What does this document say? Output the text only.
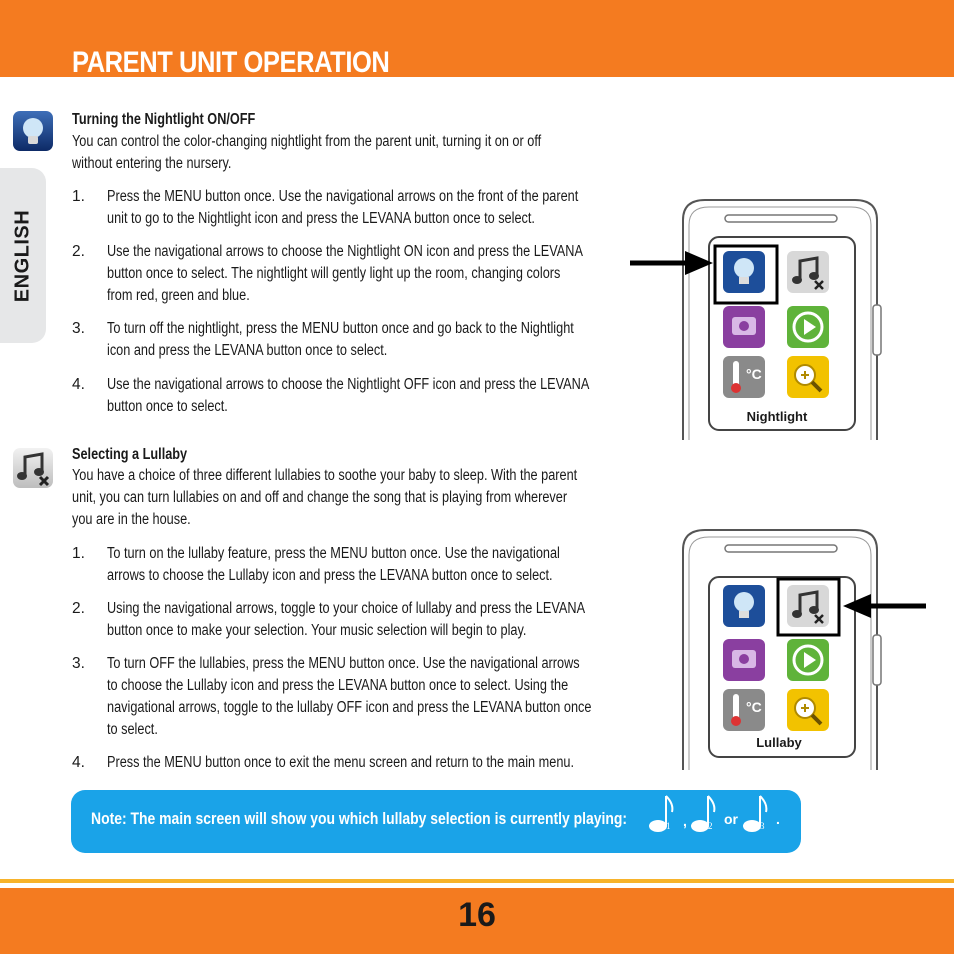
PARENT UNIT OPERATION
ENGLISH
Turning the Nightlight ON/OFF
You can control the color-changing nightlight from the parent unit, turning it on or off
without entering the nursery.
1. Press the MENU button once. Use the navigational arrows on the front of the parent
unit to go to the Nightlight icon and press the LEVANA button once to select.
2. Use the navigational arrows to choose the Nightlight ON icon and press the LEVANA
button once to select. The nightlight will gently light up the room, changing colors
from red, green and blue.
3. To turn off the nightlight, press the MENU button once and go back to the Nightlight
icon and press the LEVANA button once to select.
4. Use the navigational arrows to choose the Nightlight OFF icon and press the LEVANA
button once to select.
Selecting a Lullaby
You have a choice of three different lullabies to soothe your baby to sleep. With the parent
unit, you can turn lullabies on and off and change the song that is playing from wherever
you are in the house.
1. To turn on the lullaby feature, press the MENU button once. Use the navigational
arrows to choose the Lullaby icon and press the LEVANA button once to select.
2. Using the navigational arrows, toggle to your choice of lullaby and press the LEVANA
button once to make your selection. Your music selection will begin to play.
3. To turn OFF the lullabies, press the MENU button once. Use the navigational arrows
to choose the Lullaby icon and press the LEVANA button once to select. Using the
navigational arrows, toggle to the lullaby OFF icon and press the LEVANA button once
to select.
4. Press the MENU button once to exit the menu screen and return to the main menu.
°C
Nightlight
°C
Lullaby
Note: The main screen will show you which lullaby selection is currently playing:	1 , 2 or 3 .
16
